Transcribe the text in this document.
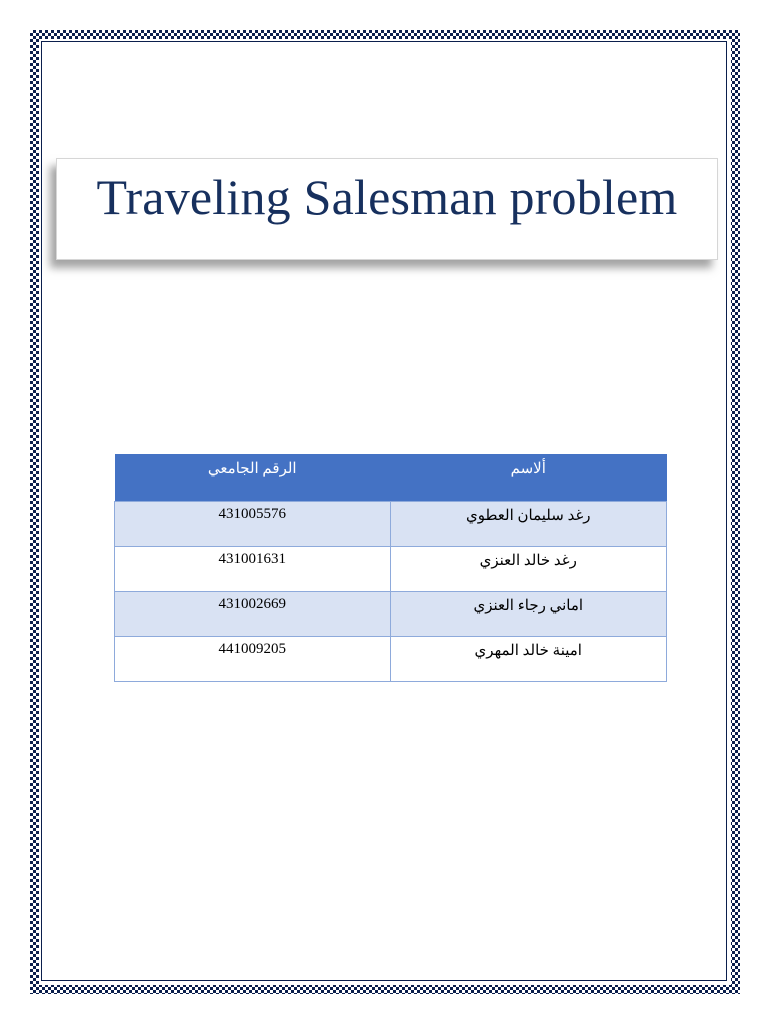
Traveling Salesman problem
ألاسم	الرقم الجامعي
رغد سليمان العطوي	431005576
رغد خالد العنزي	431001631
اماني رجاء العنزي	431002669
امينة خالد المهري	441009205
